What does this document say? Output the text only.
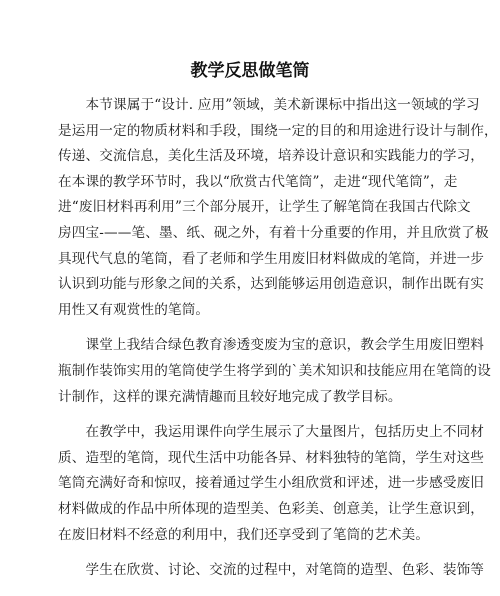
教学反思做笔筒

　　本节课属于“设计. 应用”领域，美术新课标中指出这一领域的学习
是运用一定的物质材料和手段，围绕一定的目的和用途进行设计与制作，
传递、交流信息，美化生活及环境，培养设计意识和实践能力的学习，
在本课的教学环节时，我以“欣赏古代笔筒”，走进“现代笔筒”，走
进“废旧材料再利用”三个部分展开，让学生了解笔筒在我国古代除文
房四宝-——笔、墨、纸、砚之外，有着十分重要的作用，并且欣赏了极
具现代气息的笔筒，看了老师和学生用废旧材料做成的笔筒，并进一步
认识到功能与形象之间的关系，达到能够运用创造意识，制作出既有实
用性又有观赏性的笔筒。

　　课堂上我结合绿色教育渗透变废为宝的意识，教会学生用废旧塑料
瓶制作装饰实用的笔筒使学生将学到的`美术知识和技能应用在笔筒的设
计制作，这样的课充满情趣而且较好地完成了教学目标。

　　在教学中，我运用课件向学生展示了大量图片，包括历史上不同材
质、造型的笔筒，现代生活中功能各异、材料独特的笔筒，学生对这些
笔筒充满好奇和惊叹，接着通过学生小组欣赏和评述，进一步感受废旧
材料做成的作品中所体现的造型美、色彩美、创意美，让学生意识到，
在废旧材料不经意的利用中，我们还享受到了笔筒的艺术美。

　　学生在欣赏、讨论、交流的过程中，对笔筒的造型、色彩、装饰等
